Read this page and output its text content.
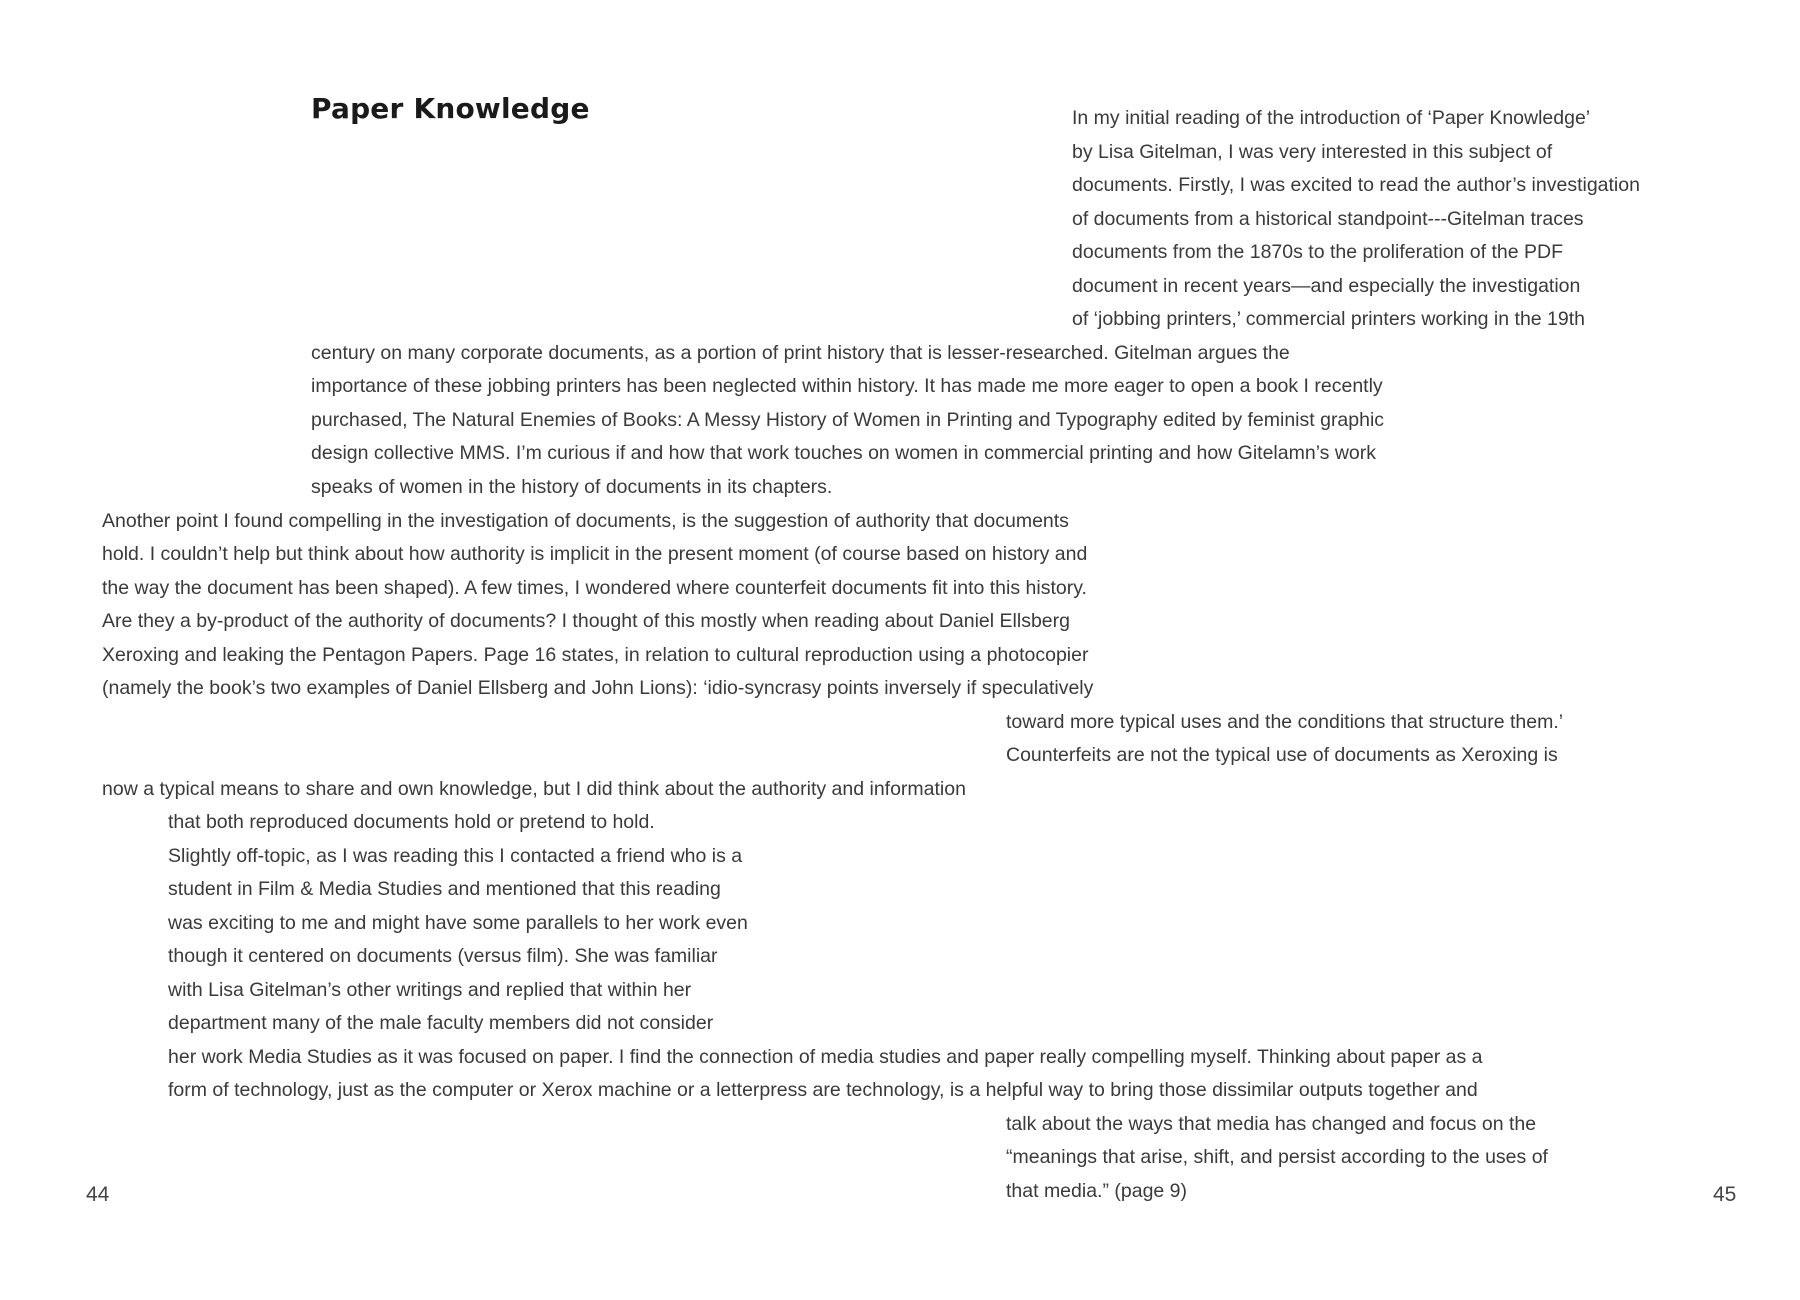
Paper Knowledge	In my initial reading of the introduction of ‘Paper Knowledge’
by Lisa Gitelman, I was very interested in this subject of
documents. Firstly, I was excited to read the author’s investigation
of documents from a historical standpoint---Gitelman traces
documents from the 1870s to the proliferation of the PDF
document in recent years—and especially the investigation
of ‘jobbing printers,’ commercial printers working in the 19th
century on many corporate documents, as a portion of print history that is lesser-researched. Gitelman argues the
importance of these jobbing printers has been neglected within history. It has made me more eager to open a book I recently
purchased, The Natural Enemies of Books: A Messy History of Women in Printing and Typography edited by feminist graphic
design collective MMS. I’m curious if and how that work touches on women in commercial printing and how Gitelamn’s work
speaks of women in the history of documents in its chapters.
Another point I found compelling in the investigation of documents, is the suggestion of authority that documents
hold. I couldn’t help but think about how authority is implicit in the present moment (of course based on history and
the way the document has been shaped). A few times, I wondered where counterfeit documents fit into this history.
Are they a by-product of the authority of documents? I thought of this mostly when reading about Daniel Ellsberg
Xeroxing and leaking the Pentagon Papers. Page 16 states, in relation to cultural reproduction using a photocopier
(namely the book’s two examples of Daniel Ellsberg and John Lions): ‘idio-syncrasy points inversely if speculatively
toward more typical uses and the conditions that structure them.’
Counterfeits are not the typical use of documents as Xeroxing is
now a typical means to share and own knowledge, but I did think about the authority and information
that both reproduced documents hold or pretend to hold.
Slightly off-topic, as I was reading this I contacted a friend who is a
student in Film & Media Studies and mentioned that this reading
was exciting to me and might have some parallels to her work even
though it centered on documents (versus film). She was familiar
with Lisa Gitelman’s other writings and replied that within her
department many of the male faculty members did not consider
her work Media Studies as it was focused on paper. I find the connection of media studies and paper really compelling myself. Thinking about paper as a
form of technology, just as the computer or Xerox machine or a letterpress are technology, is a helpful way to bring those dissimilar outputs together and
talk about the ways that media has changed and focus on the
“meanings that arise, shift, and persist according to the uses of
that media.” (page 9)
44	45
